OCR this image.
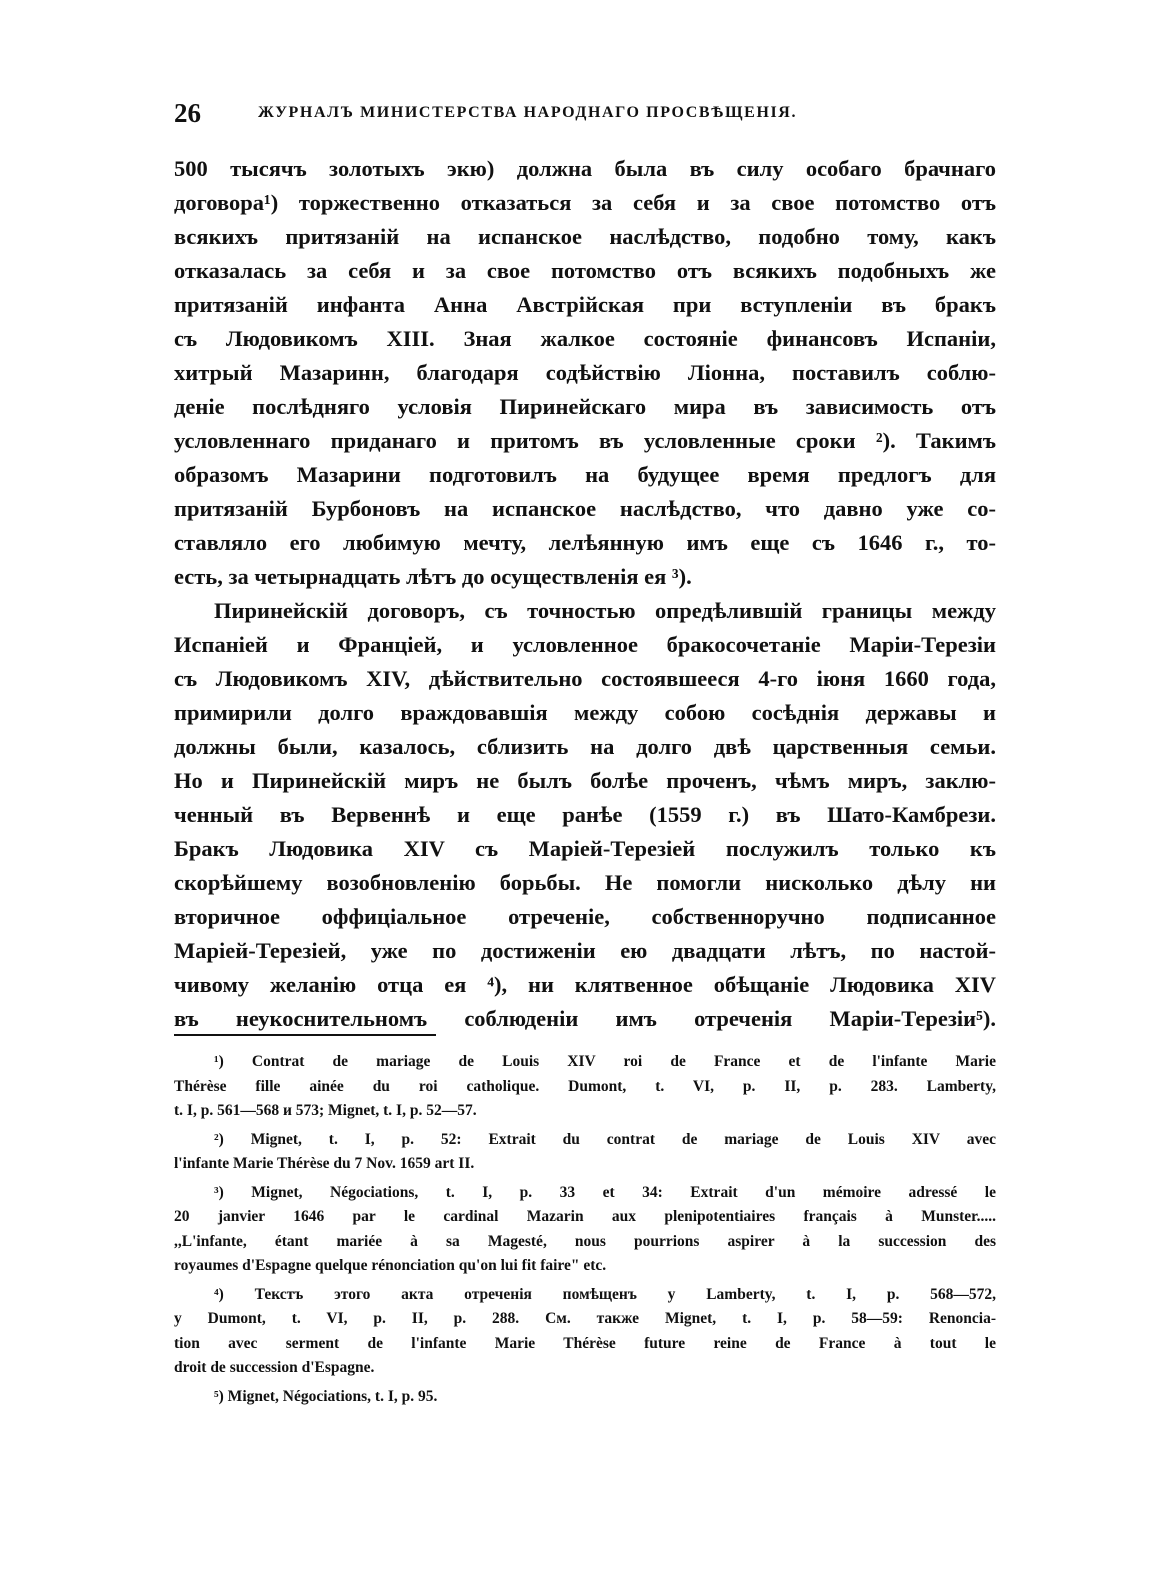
26	ЖУРНАЛЪ МИНИСТЕРСТВА НАРОДНАГО ПРОСВѢЩЕНІЯ.
500 тысячъ золотыхъ экю) должна была въ силу особаго брачнаго
договора¹) торжественно отказаться за себя и за свое потомство отъ
всякихъ притязаній на испанское наслѣдство, подобно тому, какъ
отказалась за себя и за свое потомство отъ всякихъ подобныхъ же
притязаній инфанта Анна Австрійская при вступленіи въ бракъ
съ Людовикомъ XIII. Зная жалкое состояніе финансовъ Испаніи,
хитрый Мазаринн, благодаря содѣйствію Ліонна, поставилъ соблю-
деніе послѣдняго условія Пиринейскаго мира въ зависимость отъ
условленнаго приданаго и притомъ въ условленные сроки ²). Такимъ
образомъ Мазарини подготовилъ на будущее время предлогъ для
притязаній Бурбоновъ на испанское наслѣдство, что давно уже со-
ставляло его любимую мечту, лелѣянную имъ еще съ 1646 г., то-
есть, за четырнадцать лѣтъ до осуществленія ея ³).
Пиринейскій договоръ, съ точностью опредѣлившій границы между
Испаніей и Франціей, и условленное бракосочетаніе Маріи-Терезіи
съ Людовикомъ XIV, дѣйствительно состоявшееся 4-го іюня 1660 года,
примирили долго враждовавшія между собою сосѣднія державы и
должны были, казалось, сблизить на долго двѣ царственныя семьи.
Но и Пиринейскій миръ не былъ болѣе проченъ, чѣмъ миръ, заклю-
ченный въ Вервеннѣ и еще ранѣе (1559 г.) въ Шато-Камбрези.
Бракъ Людовика XIV съ Маріей-Терезіей послужилъ только къ
скорѣйшему возобновленію борьбы. Не помогли нисколько дѣлу ни
вторичное оффиціальное отреченіе, собственноручно подписанное
Маріей-Терезіей, уже по достиженіи ею двадцати лѣтъ, по настой-
чивому желанію отца ея ⁴), ни клятвенное обѣщаніе Людовика XIV
въ неукоснительномъ соблюденіи имъ отреченія Маріи-Терезіи⁵).
¹) Contrat de mariage de Louis XIV roi de France et de l'infante Marie
Thérèse fille ainée du roi catholique. Dumont, t. VI, p. II, p. 283. Lamberty,
t. I, p. 561—568 и 573; Mignet, t. I, p. 52—57.
²) Mignet, t. I, p. 52: Extrait du contrat de mariage de Louis XIV avec
l'infante Marie Thérèse du 7 Nov. 1659 art II.
³) Mignet, Négociations, t. I, p. 33 et 34: Extrait d'un mémoire adressé le
20 janvier 1646 par le cardinal Mazarin aux plenipotentiaires français à Munster.....
,,L'infante, étant mariée à sa Magesté, nous pourrions aspirer à la succession des
royaumes d'Espagne quelque rénonciation qu'on lui fit faire" etc.
⁴) Текстъ этого акта отреченія помѣщенъ у Lamberty, t. I, p. 568—572,
у Dumont, t. VI, p. II, p. 288. См. также Mignet, t. I, p. 58—59: Renoncia-
tion avec serment de l'infante Marie Thérèse future reine de France à tout le
droit de succession d'Espagne.
⁵) Mignet, Négociations, t. I, p. 95.
